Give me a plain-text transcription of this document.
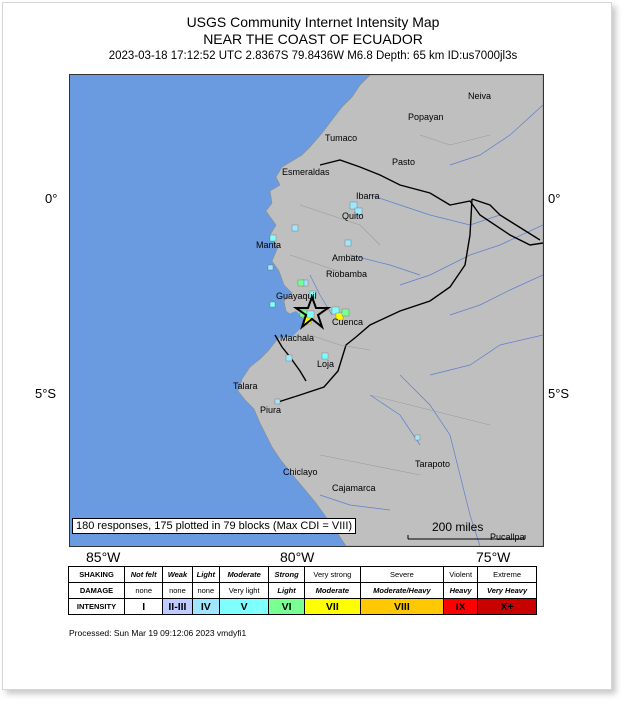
USGS Community Internet Intensity Map
NEAR THE COAST OF ECUADOR
2023-03-18 17:12:52 UTC 2.8367S 79.8436W M6.8 Depth: 65 km ID:us7000jl3s
0°
5°S
0°
5°S
Neiva
Popayan
Tumaco
Pasto
Esmeraldas
Ibarra
Quito
Manta
Ambato
Riobamba
Guayaquil
Cuenca
Machala
Loja
Talara
Piura
Tarapoto
Chiclayo
Cajamarca
Pucallpa
180 responses, 175 plotted in 79 blocks (Max CDI = VIII)	200 miles
85°W	80°W	75°W
SHAKING	Not felt	Weak	Light	Moderate	Strong	Very strong	Severe	Violent	Extreme
DAMAGE	none	none	none	Very light	Light	Moderate	Moderate/Heavy	Heavy	Very Heavy
INTENSITY	I	II-III	IV	V	VI	VII	VIII	IX	X+
Processed: Sun Mar 19 09:12:06 2023 vmdyfi1
